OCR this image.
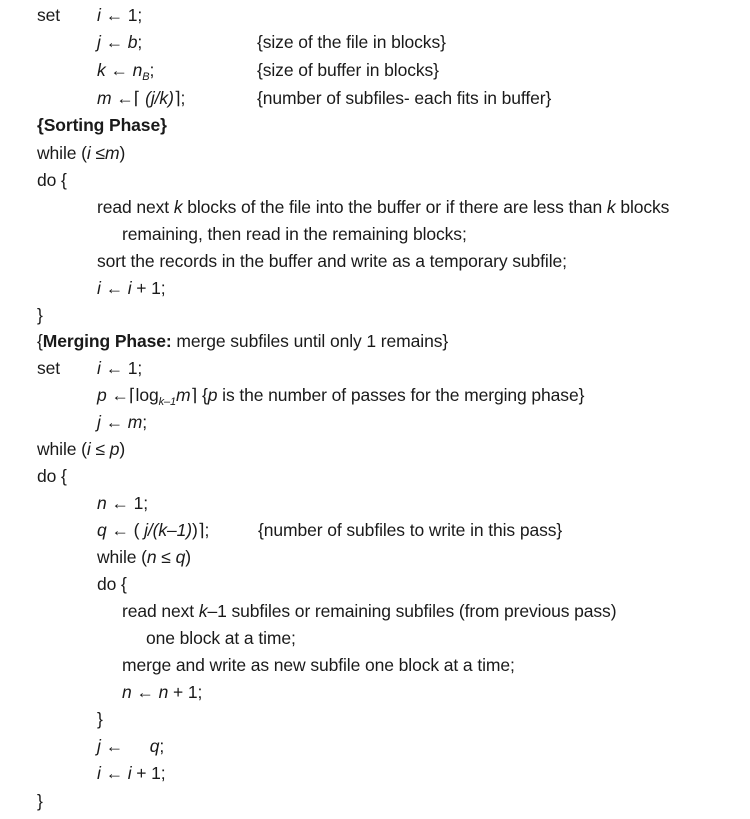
set i ← 1;
j ← b;	{size of the file in blocks}
k ← $n_B$;	{size of buffer in blocks}
m ←⌈ (j/k)⌉;	{number of subfiles- each fits in buffer}
{Sorting Phase}
while (i ≤m)
do {
read next k blocks of the file into the buffer or if there are less than k blocks
remaining, then read in the remaining blocks;
sort the records in the buffer and write as a temporary subfile;
i ← i + 1;
}
{Merging Phase: merge subfiles until only 1 remains}
set i ← 1;
p $\leftarrow⌈\log_{k-1}m⌉$ {p is the number of passes for the merging phase}
j ← m;
while (i ≤ p)
do {
n ← 1;
q ← ( j/(k–1))⌉;	{number of subfiles to write in this pass}
while (n ≤ q)
do {
read next k–1 subfiles or remaining subfiles (from previous pass)
one block at a time;
merge and write as new subfile one block at a time;
n ← n + 1;
}
j ← q;
i ← i + 1;
}
